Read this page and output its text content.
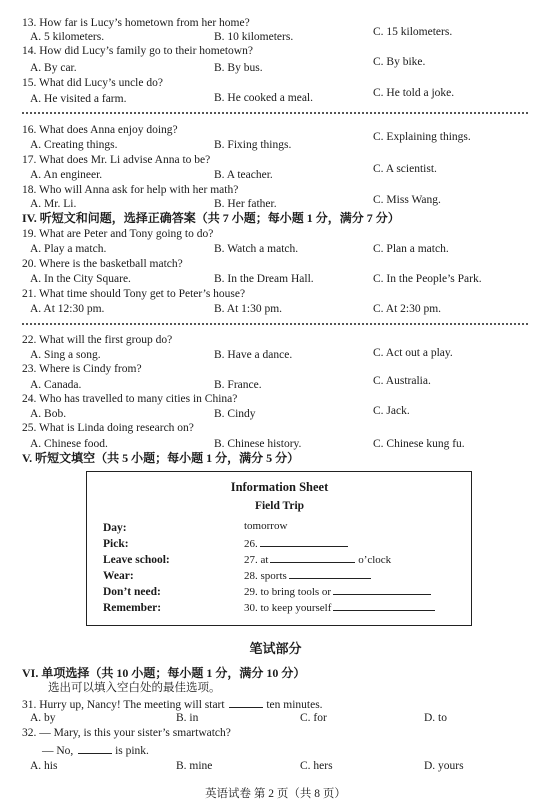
13. How far is Lucy’s hometown from her home?
A. 5 kilometers.	B. 10 kilometers.	C. 15 kilometers.
14. How did Lucy’s family go to their hometown?
A. By car.	B. By bus.	C. By bike.
15. What did Lucy’s uncle do?
A. He visited a farm.	B. He cooked a meal.	C. He told a joke.
16. What does Anna enjoy doing?
A. Creating things.	B. Fixing things.
C. Explaining things.
17. What does Mr. Li advise Anna to be?
A. An engineer.	B. A teacher.	C. A scientist.
18. Who will Anna ask for help with her math?
A. Mr. Li.	B. Her father.	C. Miss Wang.
IV. 听短文和问题，选择正确答案（共 7 小题；每小题 1 分，满分 7 分）
19. What are Peter and Tony going to do?
A. Play a match.	B. Watch a match.	C. Plan a match.
20. Where is the basketball match?
A. In the City Square.	B. In the Dream Hall.	C. In the People’s Park.
21. What time should Tony get to Peter’s house?
A. At 12:30 pm.	B. At 1:30 pm.	C. At 2:30 pm.
22. What will the first group do?
A. Sing a song.	B. Have a dance.	C. Act out a play.
23. Where is Cindy from?
A. Canada.	B. France.	C. Australia.
24. Who has travelled to many cities in China?
A. Bob.	B. Cindy	C. Jack.
25. What is Linda doing research on?
A. Chinese food.	B. Chinese history.	C. Chinese kung fu.
V. 听短文填空（共 5 小题；每小题 1 分，满分 5 分）
Information Sheet
Field Trip
Day:	tomorrow
Pick:	26.
Leave school:	27. at	o’clock
Wear:	28. sports
Don’t need:	29. to bring tools or
Remember:	30. to keep yourself
笔试部分
VI. 单项选择（共 10 小题；每小题 1 分，满分 10 分）
选出可以填入空白处的最佳选项。
31. Hurry up, Nancy! The meeting will start	ten minutes.
A. by	B. in	C. for	D. to
32. — Mary, is this your sister’s smartwatch?
— No,	is pink.
A. his	B. mine	C. hers	D. yours
英语试卷 第 2 页（共 8 页）
